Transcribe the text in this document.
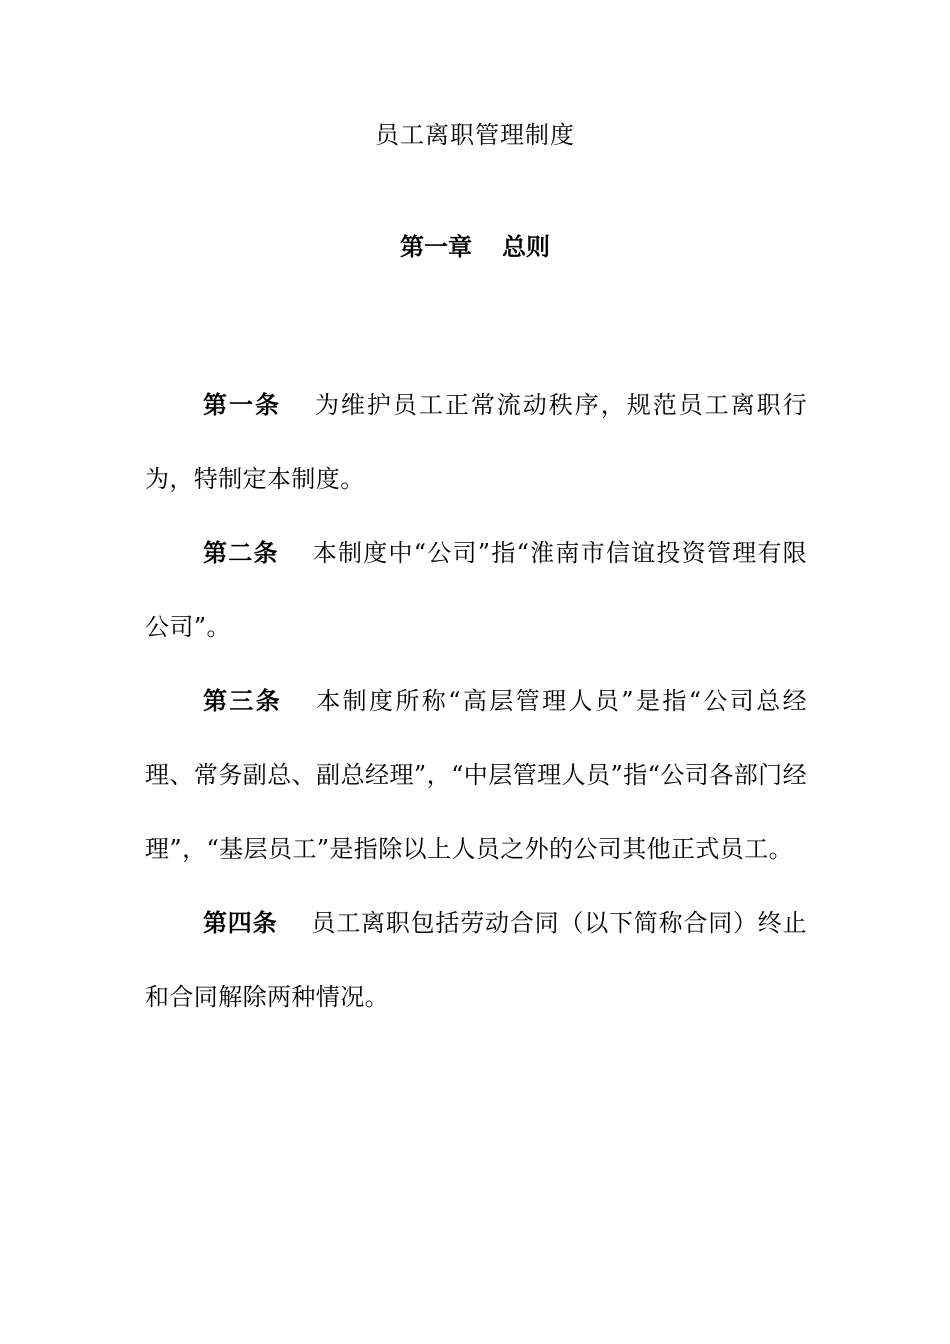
员工离职管理制度
第一章 总则

第一条 为维护员工正常流动秩序，规范员工离职行为，特制定本制度。

第二条 本制度中“公司”指“淮南市信谊投资管理有限公司”。

第三条 本制度所称“高层管理人员”是指“公司总经理、常务副总、副总经理”，“中层管理人员”指“公司各部门经理”，“基层员工”是指除以上人员之外的公司其他正式员工。

第四条 员工离职包括劳动合同（以下简称合同）终止和合同解除两种情况。
